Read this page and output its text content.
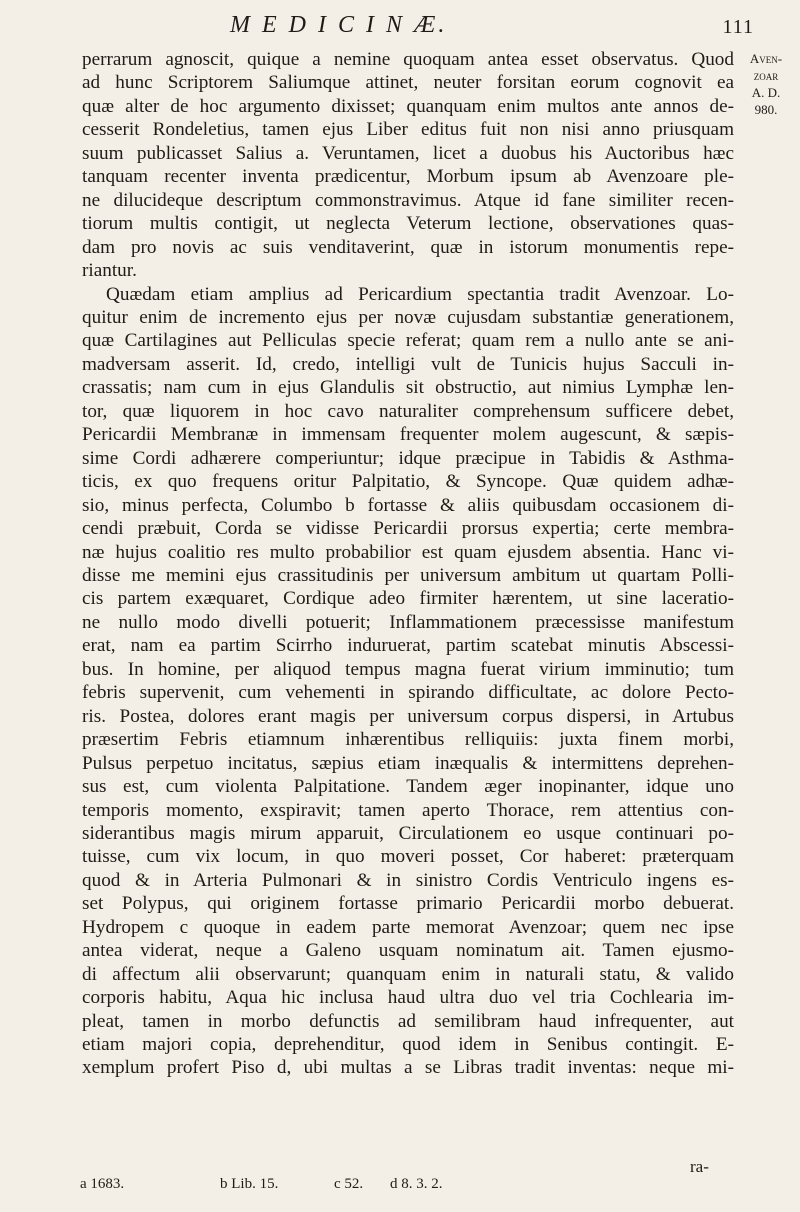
M E D I C I N Æ.	111
Aven-
zoar
A. D.
980.
perrarum agnoscit, quique a nemine quoquam antea esset observatus. Quod
ad hunc Scriptorem Saliumque attinet, neuter forsitan eorum cognovit ea
quæ alter de hoc argumento dixisset; quanquam enim multos ante annos de-
cesserit Rondeletius, tamen ejus Liber editus fuit non nisi anno priusquam
suum publicasset Salius a. Veruntamen, licet a duobus his Auctoribus hæc
tanquam recenter inventa prædicentur, Morbum ipsum ab Avenzoare ple-
ne dilucideque descriptum commonstravimus. Atque id fane similiter recen-
tiorum multis contigit, ut neglecta Veterum lectione, observationes quas-
dam pro novis ac suis venditaverint, quæ in istorum monumentis repe-
riantur.
Quædam etiam amplius ad Pericardium spectantia tradit Avenzoar. Lo-
quitur enim de incremento ejus per novæ cujusdam substantiæ generationem,
quæ Cartilagines aut Pelliculas specie referat; quam rem a nullo ante se ani-
madversam asserit. Id, credo, intelligi vult de Tunicis hujus Sacculi in-
crassatis; nam cum in ejus Glandulis sit obstructio, aut nimius Lymphæ len-
tor, quæ liquorem in hoc cavo naturaliter comprehensum sufficere debet,
Pericardii Membranæ in immensam frequenter molem augescunt, & sæpis-
sime Cordi adhærere comperiuntur; idque præcipue in Tabidis & Asthma-
ticis, ex quo frequens oritur Palpitatio, & Syncope. Quæ quidem adhæ-
sio, minus perfecta, Columbo b fortasse & aliis quibusdam occasionem di-
cendi præbuit, Corda se vidisse Pericardii prorsus expertia; certe membra-
næ hujus coalitio res multo probabilior est quam ejusdem absentia. Hanc vi-
disse me memini ejus crassitudinis per universum ambitum ut quartam Polli-
cis partem exæquaret, Cordique adeo firmiter hærentem, ut sine laceratio-
ne nullo modo divelli potuerit; Inflammationem præcessisse manifestum
erat, nam ea partim Scirrho induruerat, partim scatebat minutis Abscessi-
bus. In homine, per aliquod tempus magna fuerat virium imminutio; tum
febris supervenit, cum vehementi in spirando difficultate, ac dolore Pecto-
ris. Postea, dolores erant magis per universum corpus dispersi, in Artubus
præsertim Febris etiamnum inhærentibus relliquiis: juxta finem morbi,
Pulsus perpetuo incitatus, sæpius etiam inæqualis & intermittens deprehen-
sus est, cum violenta Palpitatione. Tandem æger inopinanter, idque uno
temporis momento, exspiravit; tamen aperto Thorace, rem attentius con-
siderantibus magis mirum apparuit, Circulationem eo usque continuari po-
tuisse, cum vix locum, in quo moveri posset, Cor haberet: præterquam
quod & in Arteria Pulmonari & in sinistro Cordis Ventriculo ingens es-
set Polypus, qui originem fortasse primario Pericardii morbo debuerat.
Hydropem c quoque in eadem parte memorat Avenzoar; quem nec ipse
antea viderat, neque a Galeno usquam nominatum ait. Tamen ejusmo-
di affectum alii observarunt; quanquam enim in naturali statu, & valido
corporis habitu, Aqua hic inclusa haud ultra duo vel tria Cochlearia im-
pleat, tamen in morbo defunctis ad semilibram haud infrequenter, aut
etiam majori copia, deprehenditur, quod idem in Senibus contingit. E-
xemplum profert Piso d, ubi multas a se Libras tradit inventas: neque mi-
ra-
a 1683.	b Lib. 15.	c 52.	d 8. 3. 2.
